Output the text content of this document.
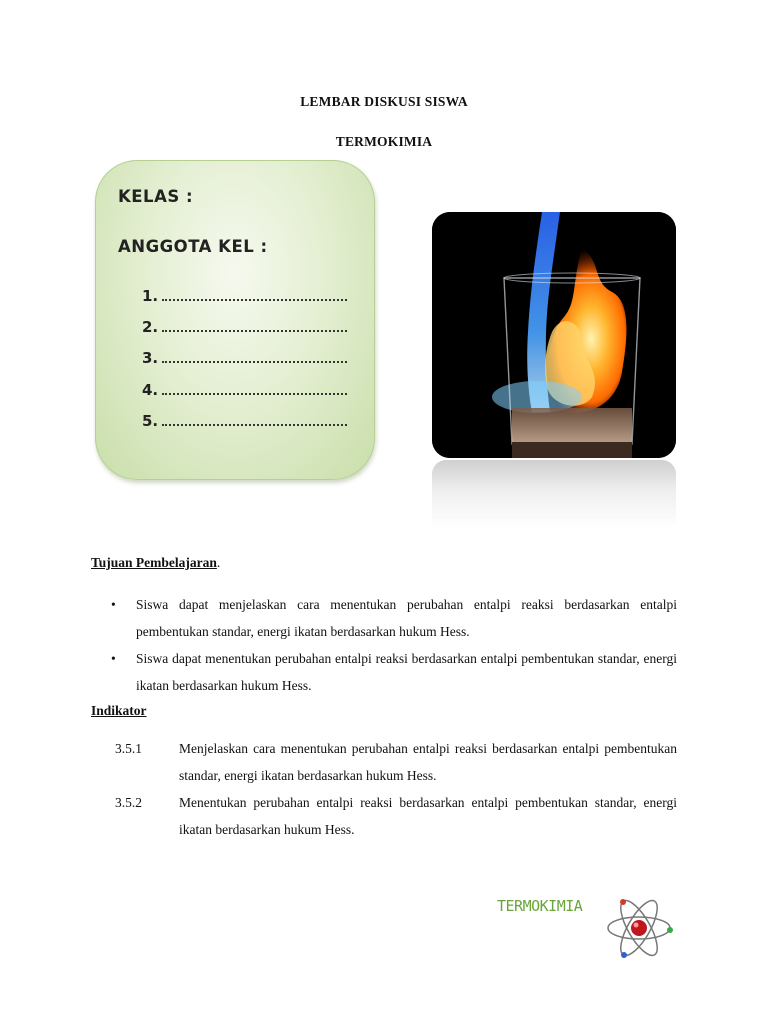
LEMBAR DISKUSI SISWA
TERMOKIMIA
KELAS :
ANGGOTA KEL :
1.
2.
3.
4.
5.
Tujuan Pembelajaran.
• Siswa dapat menjelaskan cara menentukan perubahan entalpi reaksi berdasarkan entalpi pembentukan standar, energi ikatan berdasarkan hukum Hess.
• Siswa dapat menentukan perubahan entalpi reaksi berdasarkan entalpi pembentukan standar, energi ikatan berdasarkan hukum Hess.
Indikator
3.5.1	Menjelaskan cara menentukan perubahan entalpi reaksi berdasarkan entalpi pembentukan standar, energi ikatan berdasarkan hukum Hess.
3.5.2	Menentukan perubahan entalpi reaksi berdasarkan entalpi pembentukan standar, energi ikatan berdasarkan hukum Hess.
TERMOKIMIA
